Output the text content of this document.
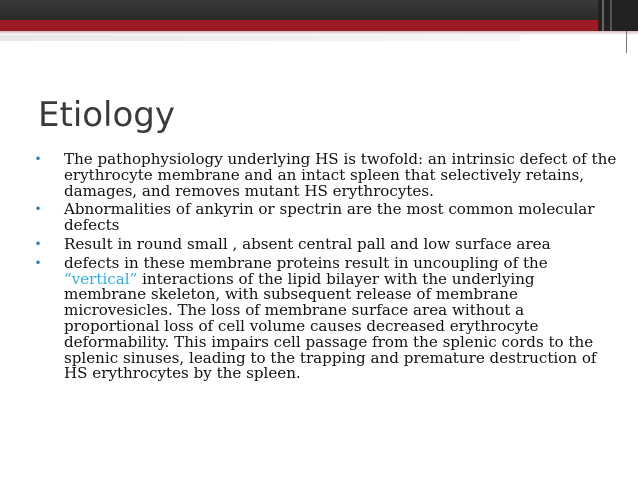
Etiology
• The pathophysiology underlying HS is twofold: an intrinsic defect of the erythrocyte membrane and an intact spleen that selectively retains, damages, and removes mutant HS erythrocytes.
• Abnormalities of ankyrin or spectrin are the most common molecular defects
• Result in round small , absent central pall and low surface area
• defects in these membrane proteins result in uncoupling of the “vertical” interactions of the lipid bilayer with the underlying membrane skeleton, with subsequent release of membrane microvesicles. The loss of membrane surface area without a proportional loss of cell volume causes decreased erythrocyte deformability. This impairs cell passage from the splenic cords to the splenic sinuses, leading to the trapping and premature destruction of HS erythrocytes by the spleen.
